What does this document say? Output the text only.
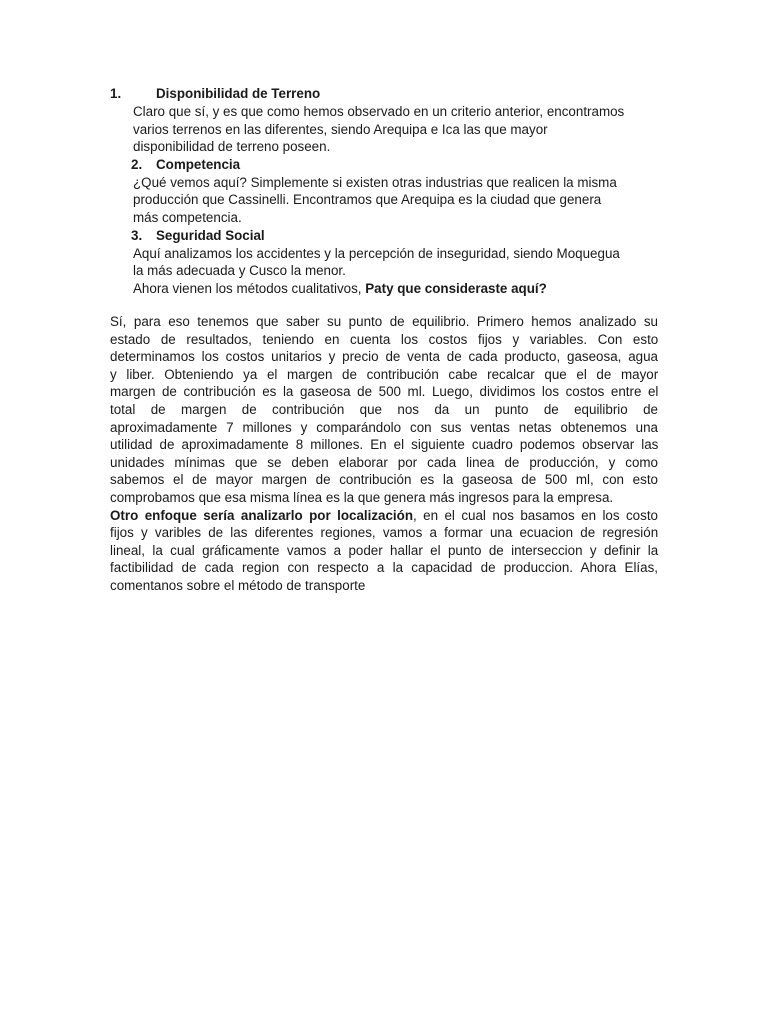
1.	Disponibilidad de Terreno

Claro que sí, y es que como hemos observado en un criterio anterior, encontramos

varios terrenos en las diferentes, siendo Arequipa e Ica las que mayor

disponibilidad de terreno poseen.

2.	Competencia

¿Qué vemos aquí? Simplemente si existen otras industrias que realicen la misma

producción que Cassinelli. Encontramos que Arequipa es la ciudad que genera

más competencia.

3.	Seguridad Social

Aquí analizamos los accidentes y la percepción de inseguridad, siendo Moquegua

la más adecuada y Cusco la menor.

Ahora vienen los métodos cualitativos, Paty que consideraste aquí?

Sí, para eso tenemos que saber su punto de equilibrio. Primero hemos analizado su
estado de resultados, teniendo en cuenta los costos fijos y variables. Con esto
determinamos los costos unitarios y precio de venta de cada producto, gaseosa, agua
y liber. Obteniendo ya el margen de contribución cabe recalcar que el de mayor
margen de contribución es la gaseosa de 500 ml. Luego, dividimos los costos entre el
total de margen de contribución que nos da un punto de equilibrio de
aproximadamente 7 millones y comparándolo con sus ventas netas obtenemos una
utilidad de aproximadamente 8 millones. En el siguiente cuadro podemos observar las
unidades mínimas que se deben elaborar por cada linea de producción, y como
sabemos el de mayor margen de contribución es la gaseosa de 500 ml, con esto
comprobamos que esa misma línea es la que genera más ingresos para la empresa.
Otro enfoque sería analizarlo por localización, en el cual nos basamos en los costo
fijos y varibles de las diferentes regiones, vamos a formar una ecuacion de regresión
lineal, la cual gráficamente vamos a poder hallar el punto de interseccion y definir la
factibilidad de cada region con respecto a la capacidad de produccion. Ahora Elías,
comentanos sobre el método de transporte
